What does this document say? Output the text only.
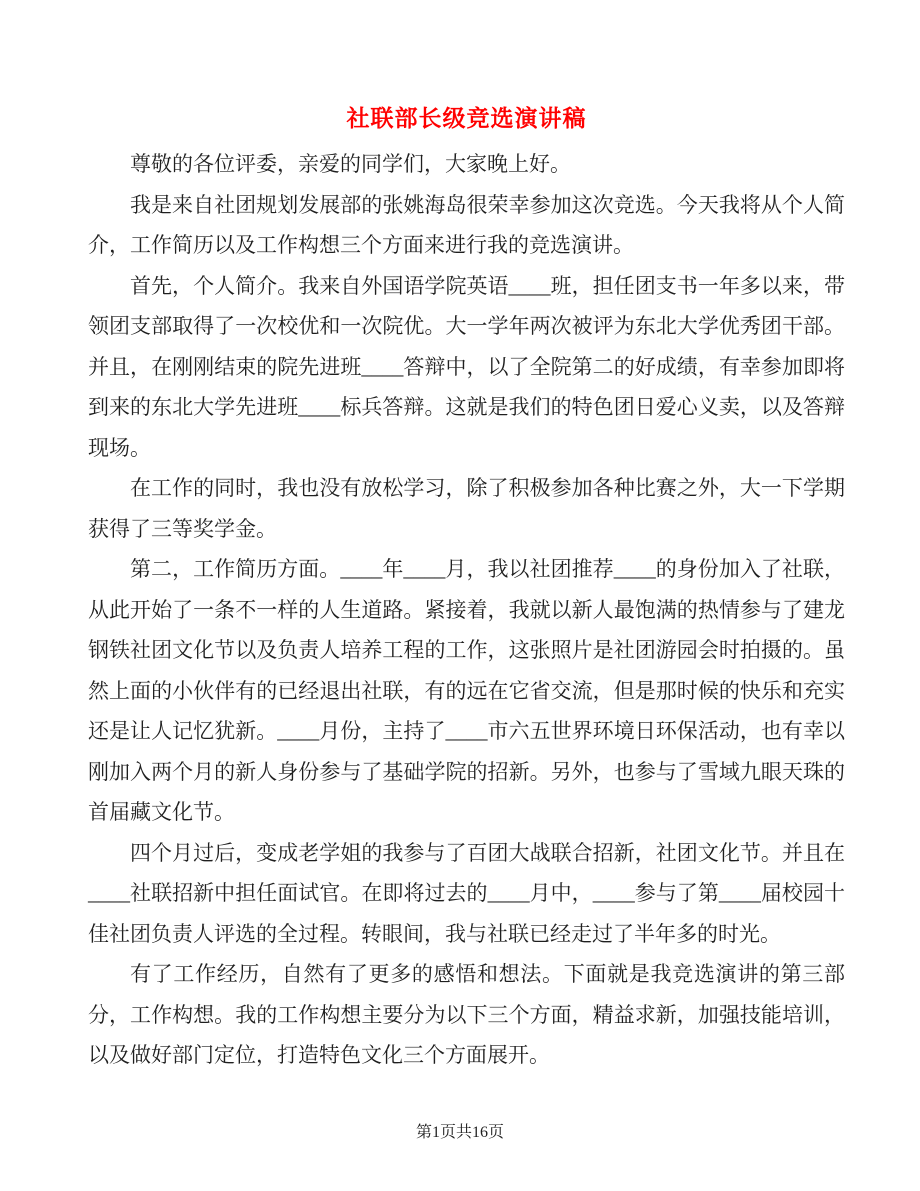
社联部长级竞选演讲稿

尊敬的各位评委，亲爱的同学们，大家晚上好。

我是来自社团规划发展部的张姚海岛很荣幸参加这次竞选。今天我将从个人简介，工作简历以及工作构想三个方面来进行我的竞选演讲。

首先，个人简介。我来自外国语学院英语____班，担任团支书一年多以来，带领团支部取得了一次校优和一次院优。大一学年两次被评为东北大学优秀团干部。并且，在刚刚结束的院先进班____答辩中，以了全院第二的好成绩，有幸参加即将到来的东北大学先进班____标兵答辩。这就是我们的特色团日爱心义卖，以及答辩现场。

在工作的同时，我也没有放松学习，除了积极参加各种比赛之外，大一下学期获得了三等奖学金。

第二，工作简历方面。____年____月，我以社团推荐____的身份加入了社联，从此开始了一条不一样的人生道路。紧接着，我就以新人最饱满的热情参与了建龙钢铁社团文化节以及负责人培养工程的工作，这张照片是社团游园会时拍摄的。虽然上面的小伙伴有的已经退出社联，有的远在它省交流，但是那时候的快乐和充实还是让人记忆犹新。____月份，主持了____市六五世界环境日环保活动，也有幸以刚加入两个月的新人身份参与了基础学院的招新。另外，也参与了雪域九眼天珠的首届藏文化节。

四个月过后，变成老学姐的我参与了百团大战联合招新，社团文化节。并且在____社联招新中担任面试官。在即将过去的____月中，____参与了第____届校园十佳社团负责人评选的全过程。转眼间，我与社联已经走过了半年多的时光。

有了工作经历，自然有了更多的感悟和想法。下面就是我竞选演讲的第三部分，工作构想。我的工作构想主要分为以下三个方面，精益求新，加强技能培训，以及做好部门定位，打造特色文化三个方面展开。

第1页共16页
